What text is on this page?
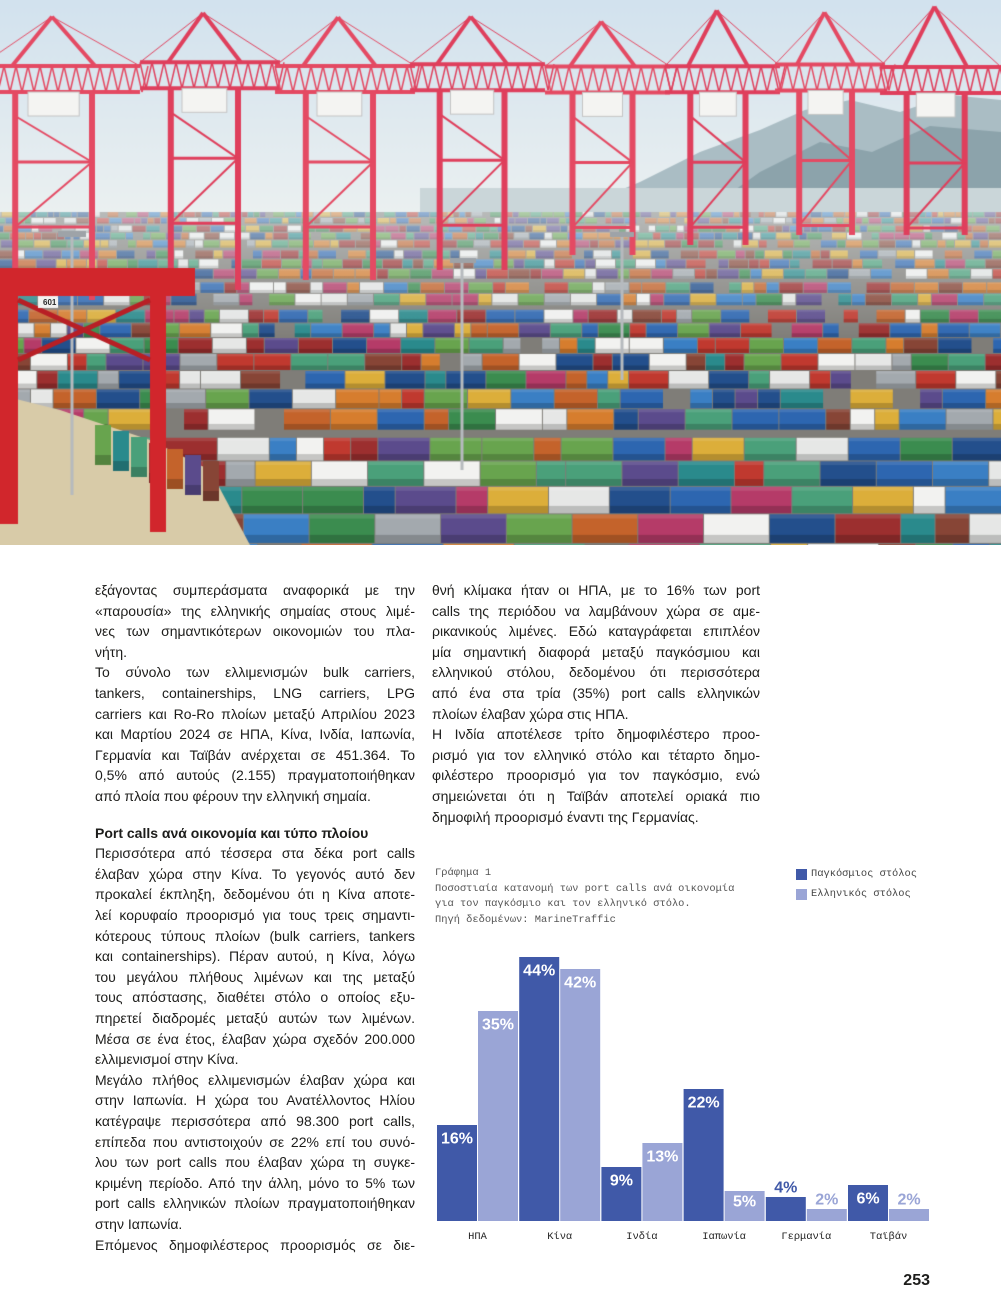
601
εξάγοντας συμπεράσματα αναφορικά με την
«παρουσία» της ελληνικής σημαίας στους λιμέ-
νες των σημαντικότερων οικονομιών του πλα-
νήτη.
Το σύνολο των ελλιμενισμών bulk carriers,
tankers, containerships, LNG carriers, LPG
carriers και Ro-Ro πλοίων μεταξύ Απριλίου 2023
και Μαρτίου 2024 σε ΗΠΑ, Κίνα, Ινδία, Ιαπωνία,
Γερμανία και Ταϊβάν ανέρχεται σε 451.364. Το
0,5% από αυτούς (2.155) πραγματοποιήθηκαν
από πλοία που φέρουν την ελληνική σημαία.
Port calls ανά οικονομία και τύπο πλοίου
Περισσότερα από τέσσερα στα δέκα port calls
έλαβαν χώρα στην Κίνα. Το γεγονός αυτό δεν
προκαλεί έκπληξη, δεδομένου ότι η Κίνα αποτε-
λεί κορυφαίο προορισμό για τους τρεις σημαντι-
κότερους τύπους πλοίων (bulk carriers, tankers
και containerships). Πέραν αυτού, η Κίνα, λόγω
του μεγάλου πλήθους λιμένων και της μεταξύ
τους απόστασης, διαθέτει στόλο ο οποίος εξυ-
πηρετεί διαδρομές μεταξύ αυτών των λιμένων.
Μέσα σε ένα έτος, έλαβαν χώρα σχεδόν 200.000
ελλιμενισμοί στην Κίνα.
Μεγάλο πλήθος ελλιμενισμών έλαβαν χώρα και
στην Ιαπωνία. Η χώρα του Ανατέλλοντος Ηλίου
κατέγραψε περισσότερα από 98.300 port calls,
επίπεδα που αντιστοιχούν σε 22% επί του συνό-
λου των port calls που έλαβαν χώρα τη συγκε-
κριμένη περίοδο. Από την άλλη, μόνο το 5% των
port calls ελληνικών πλοίων πραγματοποιήθηκαν
στην Ιαπωνία.
Επόμενος δημοφιλέστερος προορισμός σε διε-
θνή κλίμακα ήταν οι ΗΠΑ, με το 16% των port
calls της περιόδου να λαμβάνουν χώρα σε αμε-
ρικανικούς λιμένες. Εδώ καταγράφεται επιπλέον
μία σημαντική διαφορά μεταξύ παγκόσμιου και
ελληνικού στόλου, δεδομένου ότι περισσότερα
από ένα στα τρία (35%) port calls ελληνικών
πλοίων έλαβαν χώρα στις ΗΠΑ.
Η Ινδία αποτέλεσε τρίτο δημοφιλέστερο προο-
ρισμό για τον ελληνικό στόλο και τέταρτο δημο-
φιλέστερο προορισμό για τον παγκόσμιο, ενώ
σημειώνεται ότι η Ταϊβάν αποτελεί οριακά πιο
δημοφιλή προορισμό έναντι της Γερμανίας.
Γράφημα 1
Ποσοστιαία κατανομή των port calls ανά οικονομία
για τον παγκόσμιο και τον ελληνικό στόλο.
Πηγή δεδομένων: MarineTraffic
Παγκόσμιος στόλος
Ελληνικός στόλος
16%
35%
ΗΠΑ
44%
42%
Κίνα
9%
13%
Ινδία
22%
5%
Ιαπωνία
4%
2%
Γερμανία
6% 2%
Ταϊβάν
253
